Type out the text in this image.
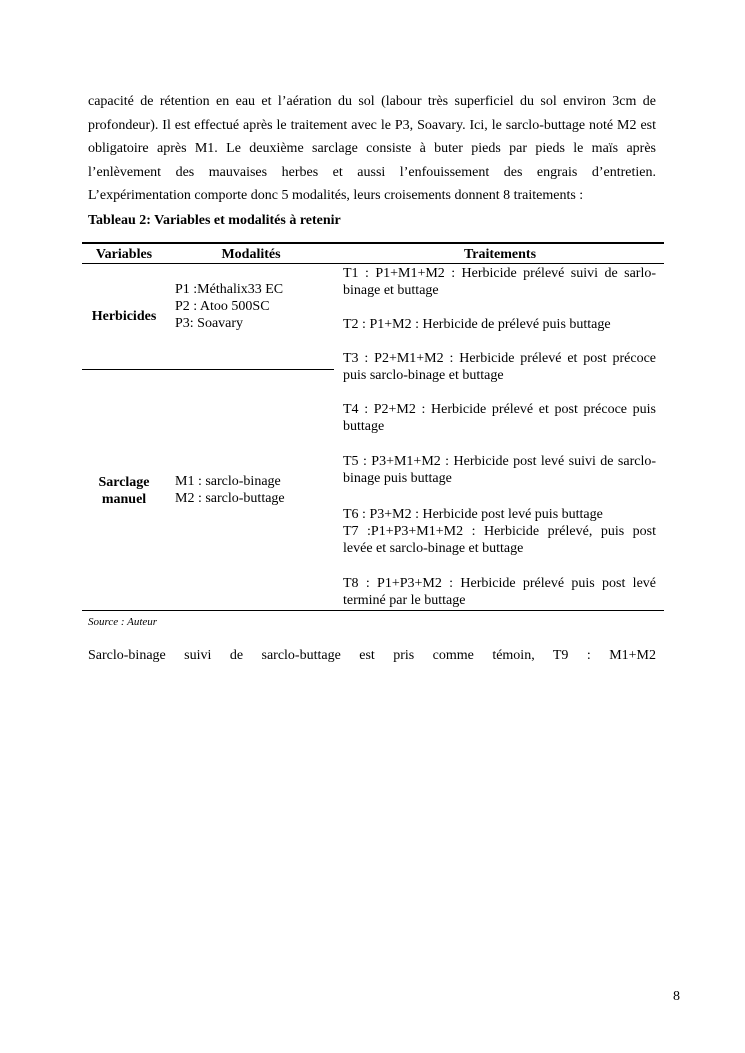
capacité de rétention en eau et l’aération du sol (labour très superficiel du sol environ 3cm de profondeur). Il est effectué après le traitement avec le P3, Soavary. Ici, le sarclo-buttage noté M2 est obligatoire après M1. Le deuxième sarclage consiste à buter pieds par pieds le maïs après l’enlèvement des mauvaises herbes et aussi l’enfouissement des engrais d’entretien. L’expérimentation comporte donc 5 modalités, leurs croisements donnent 8 traitements :
Tableau 2: Variables et modalités à retenir
Variables	Modalités	Traitements
Herbicides
P1 :Méthalix33 EC
P2 : Atoo 500SC
P3: Soavary
Sarclage manuel
M1 : sarclo-binage
M2 : sarclo-buttage
T1 : P1+M1+M2 : Herbicide prélevé suivi de sarlo-binage et buttage
T2 : P1+M2 : Herbicide de prélevé puis buttage
T3 : P2+M1+M2 : Herbicide prélevé et post précoce puis sarclo-binage et buttage
T4 : P2+M2 : Herbicide prélevé et post précoce puis buttage
T5 : P3+M1+M2 : Herbicide post levé suivi de sarclo-binage puis buttage
T6 : P3+M2 : Herbicide post levé puis buttage
T7 :P1+P3+M1+M2 : Herbicide prélevé, puis post levée et sarclo-binage et buttage
T8 : P1+P3+M2 : Herbicide prélevé puis post levé terminé par le buttage
Source : Auteur
Sarclo-binage suivi de sarclo-buttage est pris comme témoin, T9 : M1+M2
8
